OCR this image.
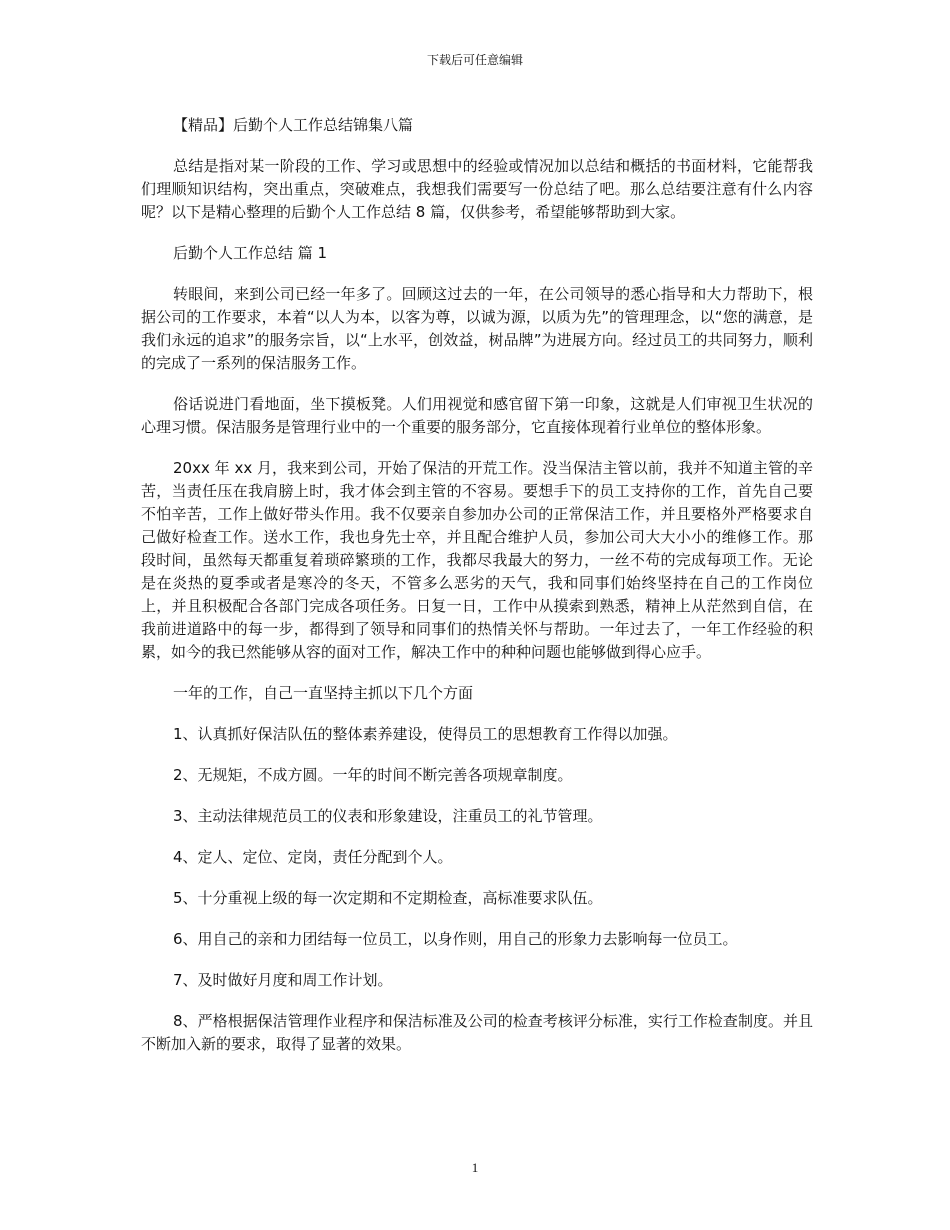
下载后可任意编辑

【精品】后勤个人工作总结锦集八篇

总结是指对某一阶段的工作、学习或思想中的经验或情况加以总结和概括的书面材料，它能帮我们理顺知识结构，突出重点，突破难点，我想我们需要写一份总结了吧。那么总结要注意有什么内容呢？以下是精心整理的后勤个人工作总结 8 篇，仅供参考，希望能够帮助到大家。

后勤个人工作总结 篇 1

转眼间，来到公司已经一年多了。回顾这过去的一年，在公司领导的悉心指导和大力帮助下，根据公司的工作要求，本着“以人为本，以客为尊，以诚为源，以质为先”的管理理念，以“您的满意，是我们永远的追求”的服务宗旨，以“上水平，创效益，树品牌”为进展方向。经过员工的共同努力，顺利的完成了一系列的保洁服务工作。

俗话说进门看地面，坐下摸板凳。人们用视觉和感官留下第一印象，这就是人们审视卫生状况的心理习惯。保洁服务是管理行业中的一个重要的服务部分，它直接体现着行业单位的整体形象。

20xx 年 xx 月，我来到公司，开始了保洁的开荒工作。没当保洁主管以前，我并不知道主管的辛苦，当责任压在我肩膀上时，我才体会到主管的不容易。要想手下的员工支持你的工作，首先自己要不怕辛苦，工作上做好带头作用。我不仅要亲自参加办公司的正常保洁工作，并且要格外严格要求自己做好检查工作。送水工作，我也身先士卒，并且配合维护人员，参加公司大大小小的维修工作。那段时间，虽然每天都重复着琐碎繁琐的工作，我都尽我最大的努力，一丝不苟的完成每项工作。无论是在炎热的夏季或者是寒冷的冬天，不管多么恶劣的天气，我和同事们始终坚持在自己的工作岗位上，并且积极配合各部门完成各项任务。日复一日，工作中从摸索到熟悉，精神上从茫然到自信，在我前进道路中的每一步，都得到了领导和同事们的热情关怀与帮助。一年过去了，一年工作经验的积累，如今的我已然能够从容的面对工作，解决工作中的种种问题也能够做到得心应手。

一年的工作，自己一直坚持主抓以下几个方面

1、认真抓好保洁队伍的整体素养建设，使得员工的思想教育工作得以加强。

2、无规矩，不成方圆。一年的时间不断完善各项规章制度。

3、主动法律规范员工的仪表和形象建设，注重员工的礼节管理。

4、定人、定位、定岗，责任分配到个人。

5、十分重视上级的每一次定期和不定期检查，高标准要求队伍。

6、用自己的亲和力团结每一位员工，以身作则，用自己的形象力去影响每一位员工。

7、及时做好月度和周工作计划。

8、严格根据保洁管理作业程序和保洁标准及公司的检查考核评分标准，实行工作检查制度。并且不断加入新的要求，取得了显著的效果。

1
